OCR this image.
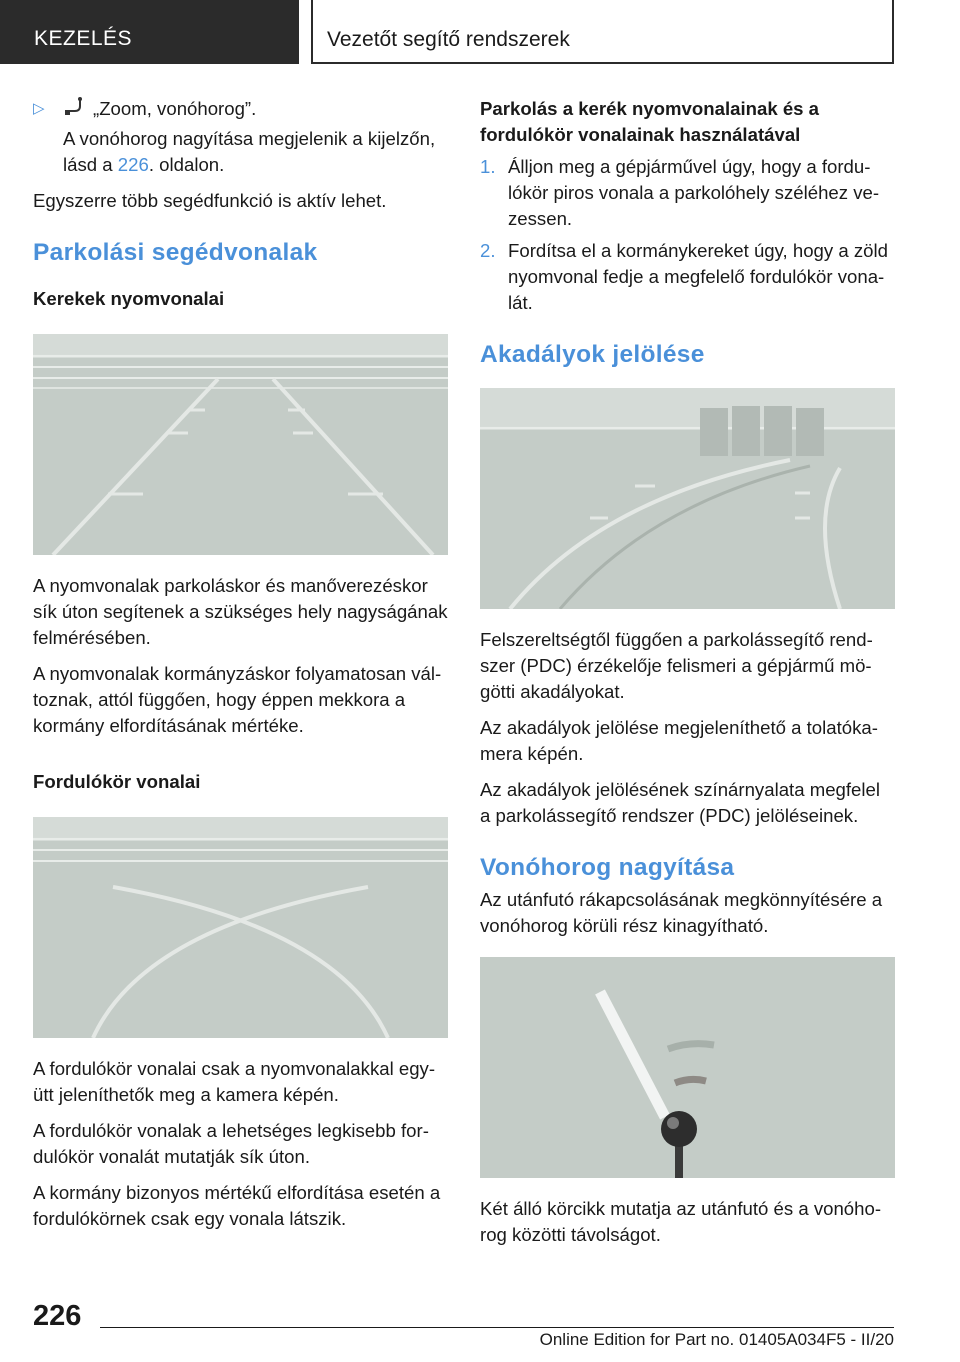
KEZELÉS	Vezetőt segítő rendszerek
▷	„Zoom, vonóhorog”.

A vonóhorog nagyítása megjelenik a kijelzőn, lásd a 226. oldalon.

Egyszerre több segédfunkció is aktív lehet.

Parkolási segédvonalak
Kerekek nyomvonalai

A nyomvonalak parkoláskor és manőverezéskor sík úton segítenek a szükséges hely nagyságának felmérésében.

A nyomvonalak kormányzáskor folyamatosan változnak, attól függően, hogy éppen mekkora a kormány elfordításának mértéke.

Fordulókör vonalai

A fordulókör vonalai csak a nyomvonalakkal együtt jeleníthetők meg a kamera képén.

A fordulókör vonalak a lehetséges legkisebb fordulókör vonalát mutatják sík úton.

A kormány bizonyos mértékű elfordítása esetén a fordulókörnek csak egy vonala látszik.

Parkolás a kerék nyomvonalainak és a fordulókör vonalainak használatával
1. Álljon meg a gépjárművel úgy, hogy a fordulókör piros vonala a parkolóhely széléhez vezessen.
2. Fordítsa el a kormánykereket úgy, hogy a zöld nyomvonal fedje a megfelelő fordulókör vonalát.
Akadályok jelölése

Felszereltségtől függően a parkolássegítő rendszer (PDC) érzékelője felismeri a gépjármű mögötti akadályokat.

Az akadályok jelölése megjeleníthető a tolatókamera képén.

Az akadályok jelölésének színárnyalata megfelel a parkolássegítő rendszer (PDC) jelöléseinek.

Vonóhorog nagyítása

Az utánfutó rákapcsolásának megkönnyítésére a vonóhorog körüli rész kinagyítható.

Két álló körcikk mutatja az utánfutó és a vonóhorog közötti távolságot.

226
Online Edition for Part no. 01405A034F5 - II/20
